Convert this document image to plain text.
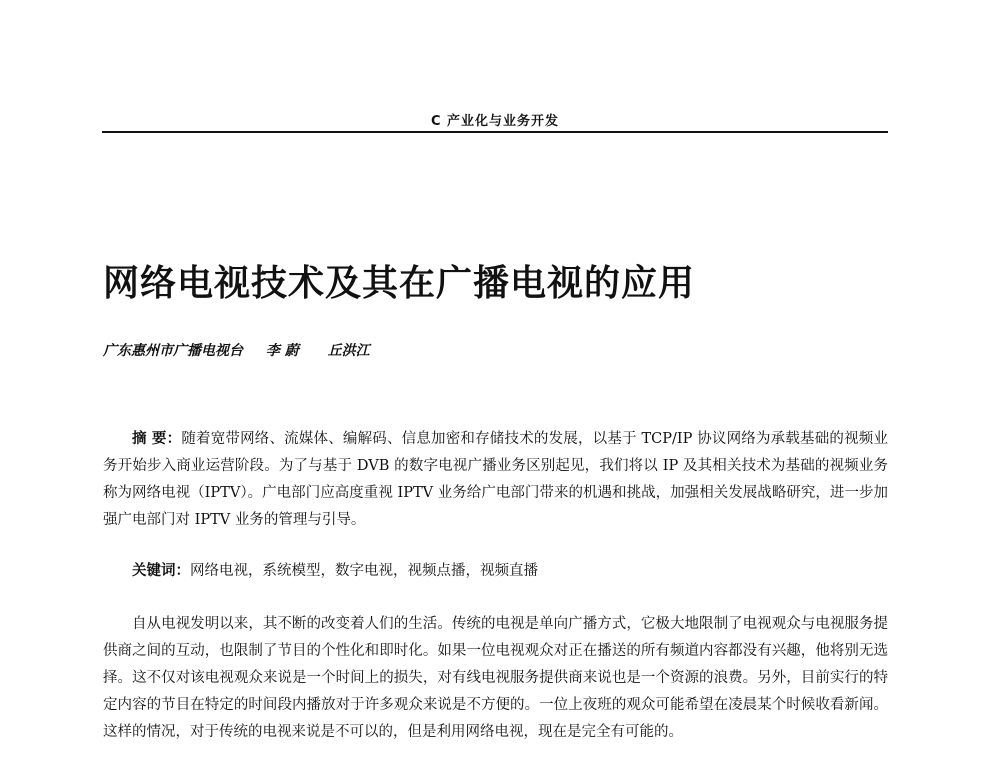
C 产业化与业务开发
网络电视技术及其在广播电视的应用
广东惠州市广播电视台 李 蔚 丘洪江

摘 要：随着宽带网络、流媒体、编解码、信息加密和存储技术的发展，以基于 TCP/IP 协议网络为承载基础的视频业务开始步入商业运营阶段。为了与基于 DVB 的数字电视广播业务区别起见，我们将以 IP 及其相关技术为基础的视频业务称为网络电视（IPTV）。广电部门应高度重视 IPTV 业务给广电部门带来的机遇和挑战，加强相关发展战略研究，进一步加强广电部门对 IPTV 业务的管理与引导。

关键词：网络电视，系统模型，数字电视，视频点播，视频直播

自从电视发明以来，其不断的改变着人们的生活。传统的电视是单向广播方式，它极大地限制了电视观众与电视服务提供商之间的互动，也限制了节目的个性化和即时化。如果一位电视观众对正在播送的所有频道内容都没有兴趣，他将别无选择。这不仅对该电视观众来说是一个时间上的损失，对有线电视服务提供商来说也是一个资源的浪费。另外，目前实行的特定内容的节目在特定的时间段内播放对于许多观众来说是不方便的。一位上夜班的观众可能希望在凌晨某个时候收看新闻。这样的情况，对于传统的电视来说是不可以的，但是利用网络电视，现在是完全有可能的。
